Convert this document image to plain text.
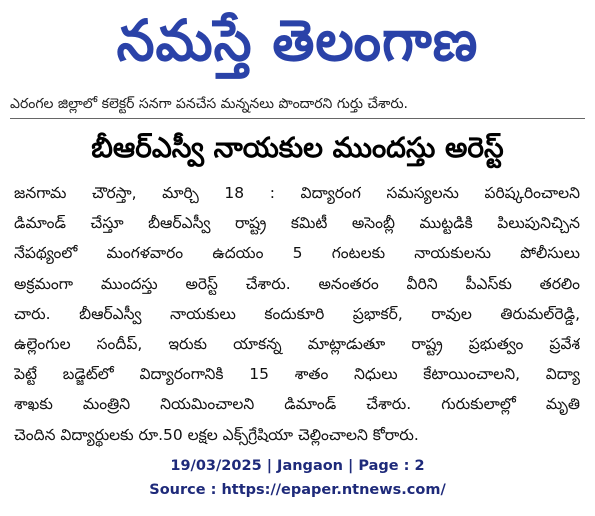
నమస్తే తెలంగాణ
ఎరంగల జిల్లాలో కలెక్టర్ సనగా పనచేస మన్ననలు పొందారని గుర్తు చేశారు.
బీఆర్ఎస్వీ నాయకుల ముందస్తు అరెస్ట్
జనగామ చౌరస్తా, మార్చి 18 : విద్యారంగ సమస్యలను పరిష్కరించాలని
డిమాండ్ చేస్తూ బీఆర్ఎస్వీ రాష్ట్ర కమిటీ అసెంబ్లీ ముట్టడికి పిలుపునిచ్చిన
నేపథ్యంలో మంగళవారం ఉదయం 5 గంటలకు నాయకులను పోలీసులు
అక్రమంగా ముందస్తు అరెస్ట్ చేశారు. అనంతరం వీరిని పీఎస్‌కు తరలిం
చారు. బీఆర్ఎస్వీ నాయకులు కందుకూరి ప్రభాకర్, రావుల తిరుమల్‌రెడ్డి,
ఉల్లెంగుల సందీప్, ఇరుకు యాకన్న మాట్లాడుతూ రాష్ట్ర ప్రభుత్వం ప్రవేశ
పెట్టే బడ్జెట్‌లో విద్యారంగానికి 15 శాతం నిధులు కేటాయించాలని, విద్యా
శాఖకు మంత్రిని నియమించాలని డిమాండ్ చేశారు. గురుకులాల్లో మృతి
చెందిన విద్యార్థులకు రూ.50 లక్షల ఎక్స్‌గ్రేషియా చెల్లించాలని కోరారు.
19/03/2025 | Jangaon | Page : 2
Source : https://epaper.ntnews.com/
